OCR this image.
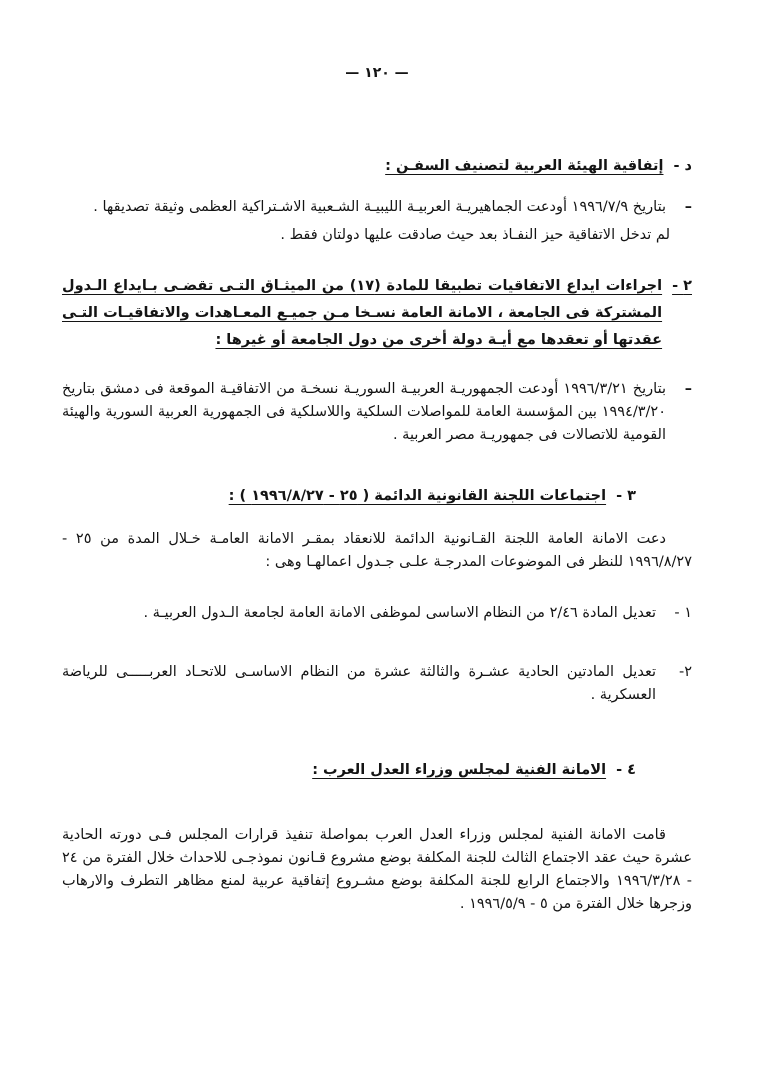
— ١٢٠ —
د -
إتفاقية الهيئة العربية لتصنيف السفـن :
–
بتاريخ ١٩٩٦/٧/٩ أودعت الجماهيريـة العربيـة الليبيـة الشـعبية الاشـتراكية العظمى وثيقة تصديقها .
لم تدخل الاتفاقية حيز النفـاذ بعد حيث صادقت عليها دولتان فقط .
٢ -
اجراءات ايداع الاتفاقيات تطبيقا للمادة (١٧) من الميثـاق التـى تقضـى بـايداع الـدول المشتركة فى الجامعة ، الامانة العامة نسـخا مـن جميـع المعـاهدات والاتفاقيـات التـى عقدتها أو تعقدها مع أيـة دولة أخرى من دول الجامعة أو غيرها :
–
بتاريخ ١٩٩٦/٣/٢١ أودعت الجمهوريـة العربيـة السوريـة نسخـة من الاتفاقيـة الموقعة فى دمشق بتاريخ ١٩٩٤/٣/٢٠ بين المؤسسة العامة للمواصلات السلكية واللاسلكية فى الجمهورية العربية السورية والهيئة القومية للاتصالات فى جمهوريـة مصر العربية .
٣ -
اجتماعات اللجنة القانونية الدائمة ( ٢٥ - ١٩٩٦/٨/٢٧ ) :
دعت الامانة العامة اللجنة القـانونية الدائمة للانعقاد بمقـر الامانة العامـة خـلال المدة من ٢٥ - ١٩٩٦/٨/٢٧ للنظر فى الموضوعات المدرجـة علـى جـدول اعمالهـا وهى :
١ -
تعديل المادة ٢/٤٦ من النظام الاساسى لموظفى الامانة العامة لجامعة الـدول العربيـة .
٢-
تعديل المادتين الحادية عشـرة والثالثة عشرة من النظام الاساسـى للاتحـاد العربـــــى للرياضة العسكرية .
٤ -
الامانة الفنية لمجلس وزراء العدل العرب :
قامت الامانة الفنية لمجلس وزراء العدل العرب بمواصلة تنفيذ قرارات المجلس فـى دورته الحادية عشرة حيث عقد الاجتماع الثالث للجنة المكلفة بوضع مشروع قـانون نموذجـى للاحداث خلال الفترة من ٢٤ - ١٩٩٦/٣/٢٨ والاجتماع الرابع للجنة المكلفة بوضع مشـروع إتفاقية عربية لمنع مظاهر التطرف والارهاب وزجرها خلال الفترة من ٥ - ١٩٩٦/٥/٩ .
